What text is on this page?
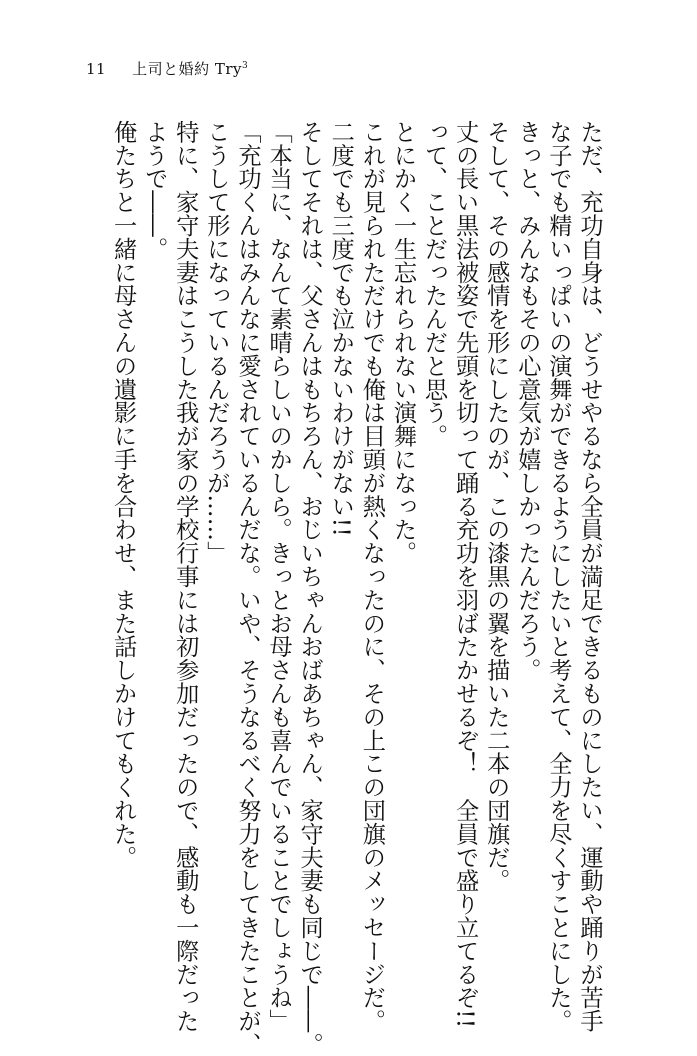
11 上司と婚約 Try$^3$
ただ、充功自身は、どうせやるなら全員が満足できるものにしたい、運動や踊りが苦手
な子でも精いっぱいの演舞ができるようにしたいと考えて、全力を尽くすことにした。
きっと、みんなもその心意気が嬉しかったんだろう。
そして、その感情を形にしたのが、この漆黒の翼を描いた二本の団旗だ。
丈の長い黒法被姿で先頭を切って踊る充功を羽ばたかせるぞ！　全員で盛り立てるぞ!!
って、ことだったんだと思う。
とにかく一生忘れられない演舞になった。
これが見られただけでも俺は目頭が熱くなったのに、その上この団旗のメッセージだ。
二度でも三度でも泣かないわけがない!!
そしてそれは、父さんはもちろん、おじいちゃんおばあちゃん、家守夫妻も同じで――。
「本当に、なんて素晴らしいのかしら。きっとお母さんも喜んでいることでしょうね」
「充功くんはみんなに愛されているんだな。いや、そうなるべく努力をしてきたことが、
こうして形になっているんだろうが……」
特に、家守夫妻はこうした我が家の学校行事には初参加だったので、感動も一際だった
ようで――。
俺たちと一緒に母さんの遺影に手を合わせ、また話しかけてもくれた。
